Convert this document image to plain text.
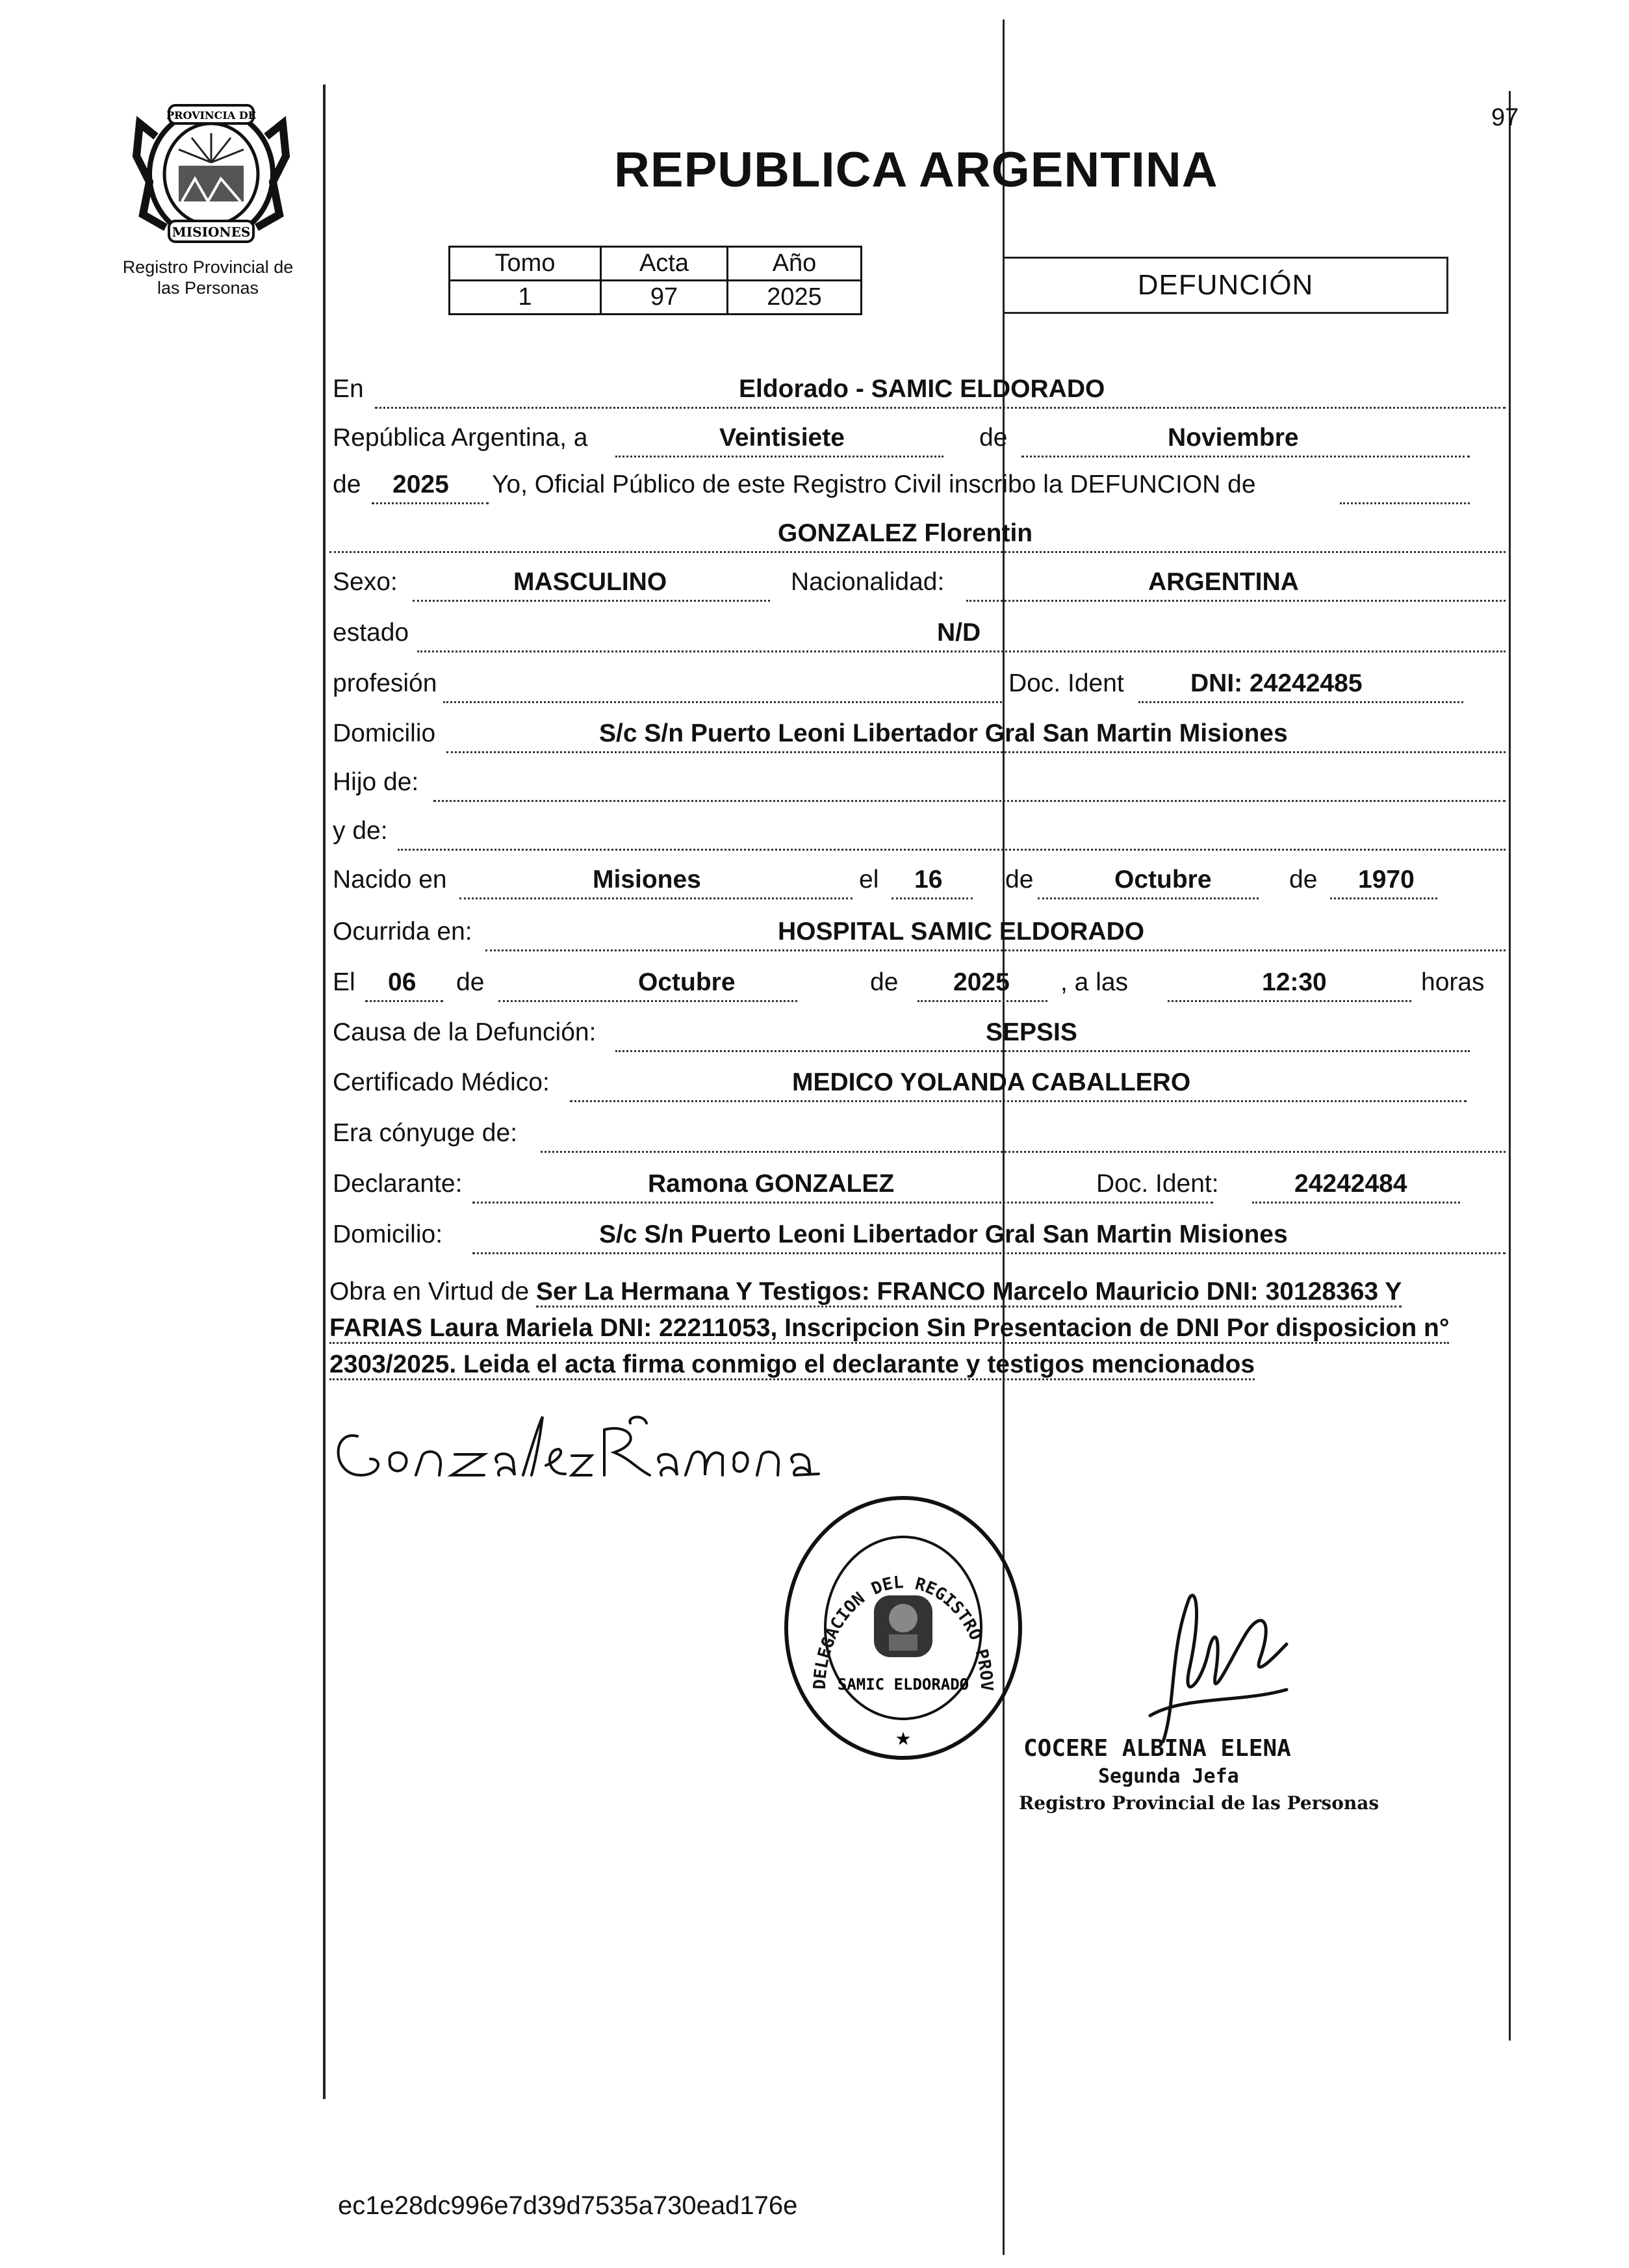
97
PROVINCIA DE
MISIONES
Registro Provincial de
las Personas
REPUBLICA ARGENTINA
Tomo	Acta	Año
1	97	2025	DEFUNCIÓN
En	Eldorado - SAMIC ELDORADO
República Argentina, a	Veintisiete	de	Noviembre
de 2025 Yo, Oficial Público de este Registro Civil inscribo la DEFUNCION de
GONZALEZ Florentin
Sexo:	MASCULINO	Nacionalidad:	ARGENTINA
estado	N/D
profesión	Doc. Ident	DNI: 24242485
Domicilio	S/c S/n Puerto Leoni Libertador Gral San Martin Misiones
Hijo de:
y de:
Nacido en	Misiones	el 16 de	Octubre	de 1970
Ocurrida en:	HOSPITAL SAMIC ELDORADO
El 06 de	Octubre	de 2025 , a las	12:30	horas
Causa de la Defunción:	SEPSIS
Certificado Médico:	MEDICO YOLANDA CABALLERO
Era cónyuge de:
Declarante:	Ramona GONZALEZ	Doc. Ident:	24242484
Domicilio:	S/c S/n Puerto Leoni Libertador Gral San Martin Misiones
Obra en Virtud de Ser La Hermana Y Testigos: FRANCO Marcelo Mauricio DNI: 30128363 Y FARIAS Laura Mariela DNI: 22211053, Inscripcion Sin Presentacion de DNI Por disposicion n° 2303/2025. Leida el acta firma conmigo el declarante y testigos mencionados
DELEGACION DEL REGISTRO PROV
SAMIC ELDORADO
★	COCERE ALBINA ELENA
Segunda Jefa
Registro Provincial de las Personas
ec1e28dc996e7d39d7535a730ead176e
